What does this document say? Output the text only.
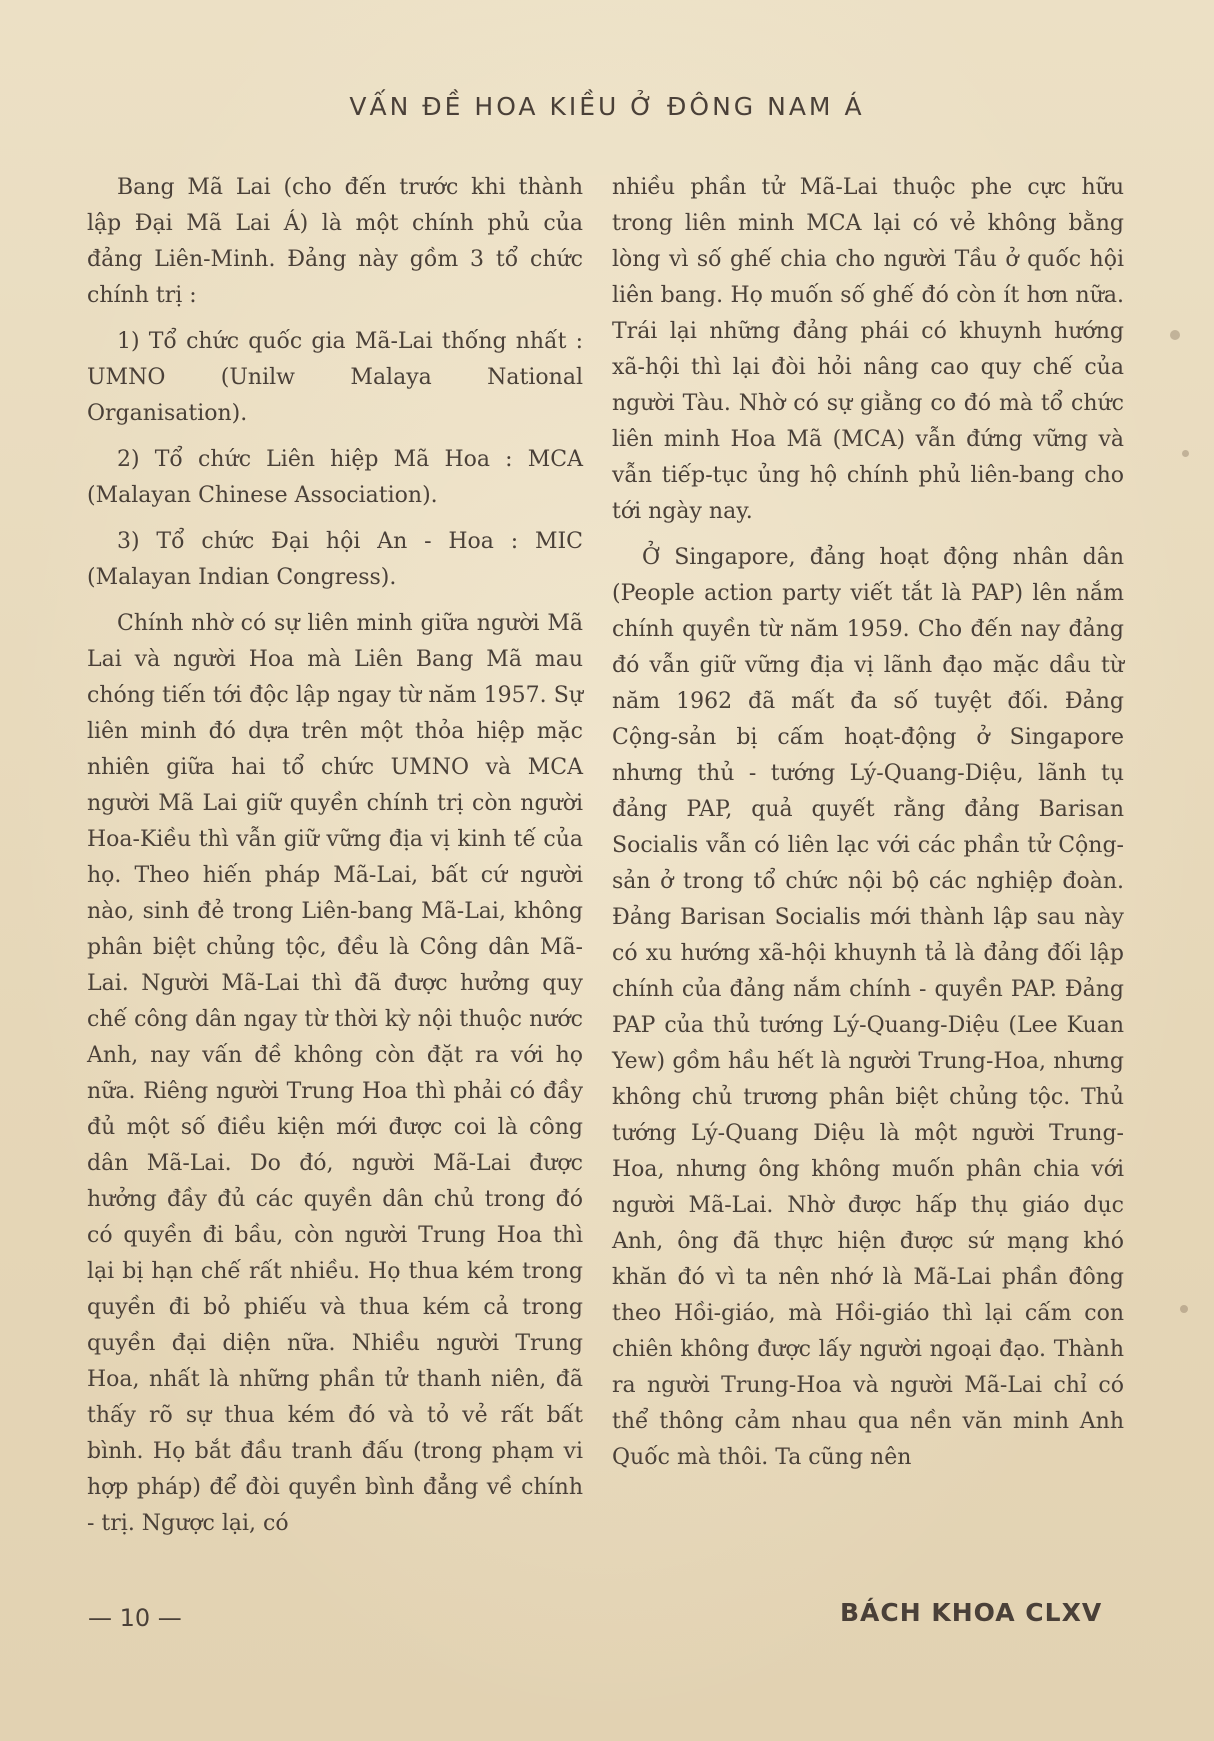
VẤN ĐỀ HOA KIỀU Ở ĐÔNG NAM Á

Bang Mã Lai (cho đến trước khi thành lập Đại Mã Lai Á) là một chính phủ của đảng Liên-Minh. Đảng này gồm 3 tổ chức chính trị :

1) Tổ chức quốc gia Mã-Lai thống nhất : UMNO (Unilw Malaya National Organisation).

2) Tổ chức Liên hiệp Mã Hoa : MCA (Malayan Chinese Association).

3) Tổ chức Đại hội An - Hoa : MIC (Malayan Indian Congress).

Chính nhờ có sự liên minh giữa người Mã Lai và người Hoa mà Liên Bang Mã mau chóng tiến tới độc lập ngay từ năm 1957. Sự liên minh đó dựa trên một thỏa hiệp mặc nhiên giữa hai tổ chức UMNO và MCA người Mã Lai giữ quyền chính trị còn người Hoa-Kiều thì vẫn giữ vững địa vị kinh tế của họ. Theo hiến pháp Mã-Lai, bất cứ người nào, sinh đẻ trong Liên-bang Mã-Lai, không phân biệt chủng tộc, đều là Công dân Mã-Lai. Người Mã-Lai thì đã được hưởng quy chế công dân ngay từ thời kỳ nội thuộc nước Anh, nay vấn đề không còn đặt ra với họ nữa. Riêng người Trung Hoa thì phải có đầy đủ một số điều kiện mới được coi là công dân Mã-Lai. Do đó, người Mã-Lai được hưởng đầy đủ các quyền dân chủ trong đó có quyền đi bầu, còn người Trung Hoa thì lại bị hạn chế rất nhiều. Họ thua kém trong quyền đi bỏ phiếu và thua kém cả trong quyền đại diện nữa. Nhiều người Trung Hoa, nhất là những phần tử thanh niên, đã thấy rõ sự thua kém đó và tỏ vẻ rất bất bình. Họ bắt đầu tranh đấu (trong phạm vi hợp pháp) để đòi quyền bình đẳng về chính - trị. Ngược lại, có

nhiều phần tử Mã-Lai thuộc phe cực hữu trong liên minh MCA lại có vẻ không bằng lòng vì số ghế chia cho người Tầu ở quốc hội liên bang. Họ muốn số ghế đó còn ít hơn nữa. Trái lại những đảng phái có khuynh hướng xã-hội thì lại đòi hỏi nâng cao quy chế của người Tàu. Nhờ có sự giằng co đó mà tổ chức liên minh Hoa Mã (MCA) vẫn đứng vững và vẫn tiếp-tục ủng hộ chính phủ liên-bang cho tới ngày nay.

Ở Singapore, đảng hoạt động nhân dân (People action party viết tắt là PAP) lên nắm chính quyền từ năm 1959. Cho đến nay đảng đó vẫn giữ vững địa vị lãnh đạo mặc dầu từ năm 1962 đã mất đa số tuyệt đối. Đảng Cộng-sản bị cấm hoạt-động ở Singapore nhưng thủ - tướng Lý-Quang-Diệu, lãnh tụ đảng PAP, quả quyết rằng đảng Barisan Socialis vẫn có liên lạc với các phần tử Cộng-sản ở trong tổ chức nội bộ các nghiệp đoàn. Đảng Barisan Socialis mới thành lập sau này có xu hướng xã-hội khuynh tả là đảng đối lập chính của đảng nắm chính - quyền PAP. Đảng PAP của thủ tướng Lý-Quang-Diệu (Lee Kuan Yew) gồm hầu hết là người Trung-Hoa, nhưng không chủ trương phân biệt chủng tộc. Thủ tướng Lý-Quang Diệu là một người Trung-Hoa, nhưng ông không muốn phân chia với người Mã-Lai. Nhờ được hấp thụ giáo dục Anh, ông đã thực hiện được sứ mạng khó khăn đó vì ta nên nhớ là Mã-Lai phần đông theo Hồi-giáo, mà Hồi-giáo thì lại cấm con chiên không được lấy người ngoại đạo. Thành ra người Trung-Hoa và người Mã-Lai chỉ có thể thông cảm nhau qua nền văn minh Anh Quốc mà thôi. Ta cũng nên

— 10 —	BÁCH KHOA CLXV
